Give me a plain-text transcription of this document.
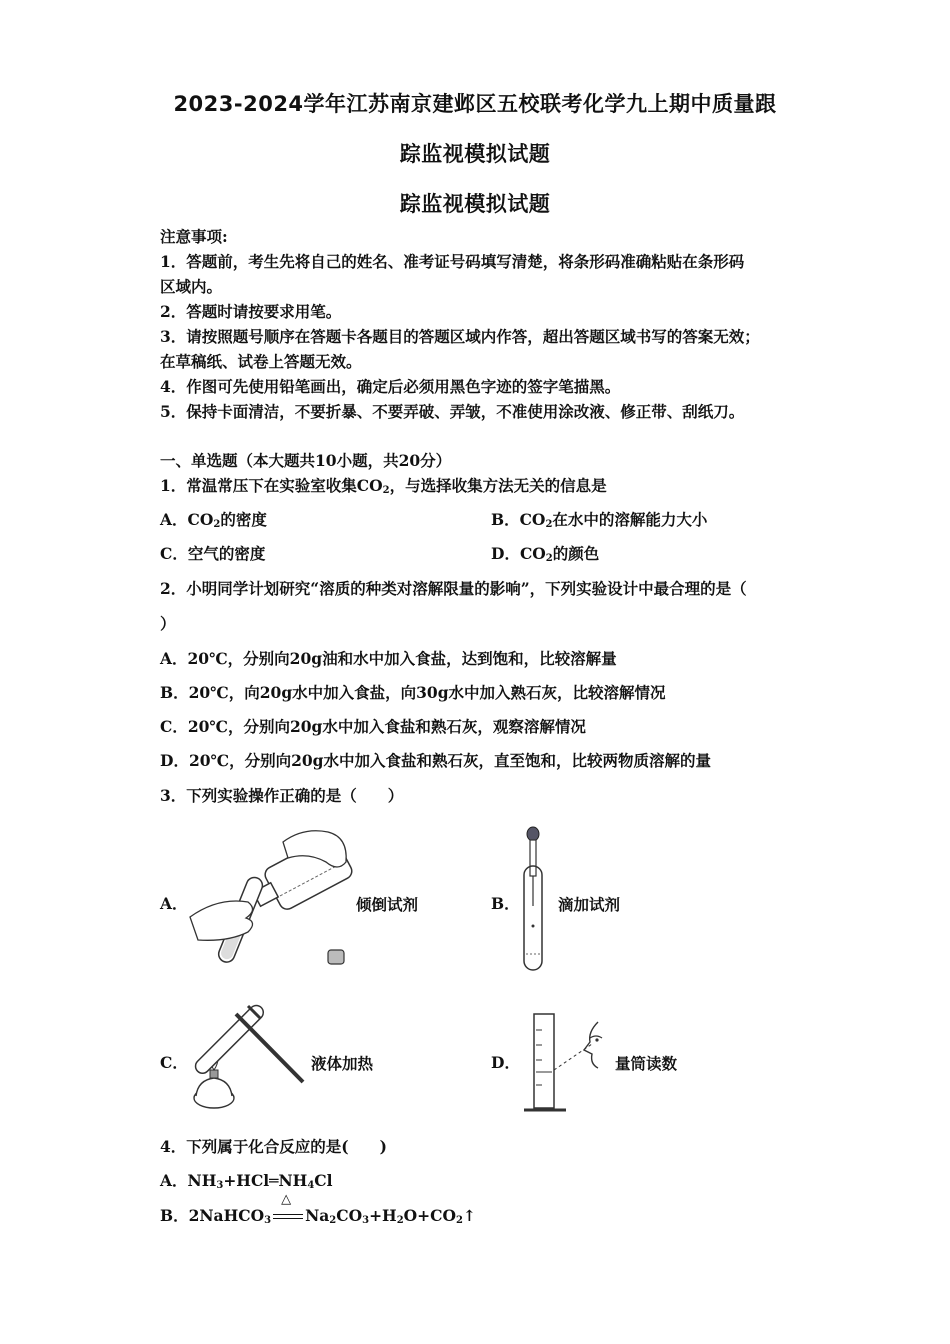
2023-2024学年江苏南京建邺区五校联考化学九上期中质量跟
踪监视模拟试题
踪监视模拟试题
注意事项:
1．答题前，考生先将自己的姓名、准考证号码填写清楚，将条形码准确粘贴在条形码
区域内。
2．答题时请按要求用笔。
3．请按照题号顺序在答题卡各题目的答题区域内作答，超出答题区域书写的答案无效；
在草稿纸、试卷上答题无效。
4．作图可先使用铅笔画出，确定后必须用黑色字迹的签字笔描黑。
5．保持卡面清洁，不要折暴、不要弄破、弄皱，不准使用涂改液、修正带、刮纸刀。
一、单选题（本大题共10小题，共20分）
1．常温常压下在实验室收集$CO_2$，与选择收集方法无关的信息是
A．$CO_2$的密度	B．$CO_2$在水中的溶解能力大小
C．空气的密度	D．$CO_2$的颜色
2．小明同学计划研究“溶质的种类对溶解限量的影响”，下列实验设计中最合理的是（
）
A．20℃，分别向20g油和水中加入食盐，达到饱和，比较溶解量
B．20℃，向20g水中加入食盐，向30g水中加入熟石灰，比较溶解情况
C．20℃，分别向20g水中加入食盐和熟石灰，观察溶解情况
D．20℃，分别向20g水中加入食盐和熟石灰，直至饱和，比较两物质溶解的量
3．下列实验操作正确的是（　　）
A．	倾倒试剂	B． 滴加试剂
C．	液体加热	D．	量筒读数
4．下列属于化合反应的是(　　)
A．$NH_3+HCl═NH_4Cl$
B．2NaHCO$_3$
△
$Na_2CO_3+H_2O+CO_2↑$
